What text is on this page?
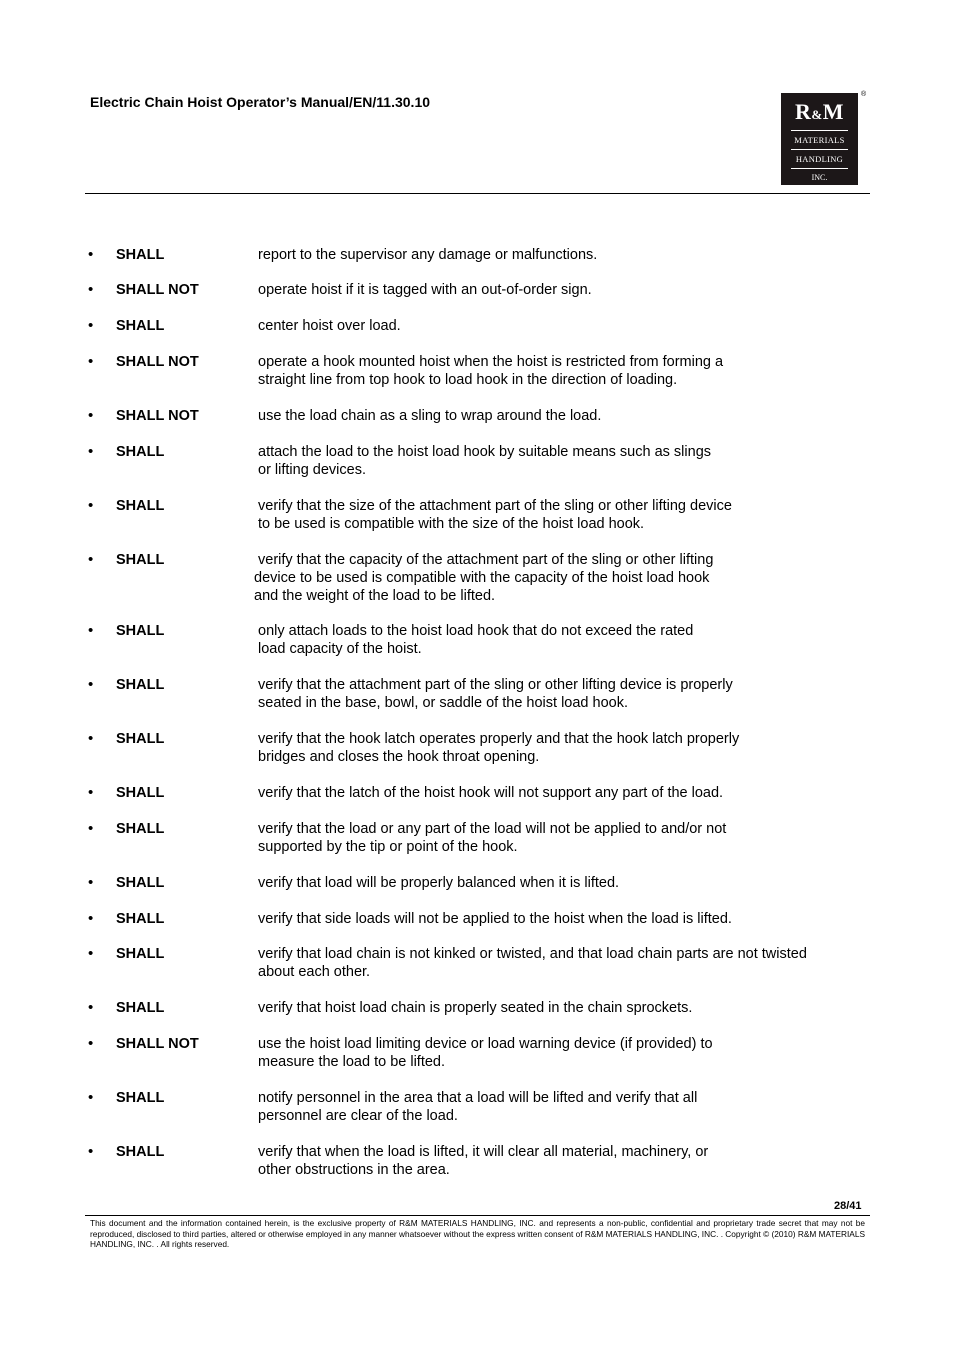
Electric Chain Hoist Operator’s Manual/EN/11.30.10	R&M
MATERIALS
HANDLING
INC.
®
• SHALL	report to the supervisor any damage or malfunctions.
• SHALL NOT	operate hoist if it is tagged with an out-of-order sign.
• SHALL	center hoist over load.
• SHALL NOT	operate a hook mounted hoist when the hoist is restricted from forming a
straight line from top hook to load hook in the direction of loading.
• SHALL NOT	use the load chain as a sling to wrap around the load.
• SHALL	attach the load to the hoist load hook by suitable means such as slings
or lifting devices.
• SHALL	verify that the size of the attachment part of the sling or other lifting device
to be used is compatible with the size of the hoist load hook.
• SHALL	verify that the capacity of the attachment part of the sling or other lifting
device to be used is compatible with the capacity of the hoist load hook
and the weight of the load to be lifted.
• SHALL	only attach loads to the hoist load hook that do not exceed the rated
load capacity of the hoist.
• SHALL	verify that the attachment part of the sling or other lifting device is properly
seated in the base, bowl, or saddle of the hoist load hook.
• SHALL	verify that the hook latch operates properly and that the hook latch properly
bridges and closes the hook throat opening.
• SHALL	verify that the latch of the hoist hook will not support any part of the load.
• SHALL	verify that the load or any part of the load will not be applied to and/or not
supported by the tip or point of the hook.
• SHALL	verify that load will be properly balanced when it is lifted.
• SHALL	verify that side loads will not be applied to the hoist when the load is lifted.
• SHALL	verify that load chain is not kinked or twisted, and that load chain parts are not twisted
about each other.
• SHALL	verify that hoist load chain is properly seated in the chain sprockets.
• SHALL NOT	use the hoist load limiting device or load warning device (if provided) to
measure the load to be lifted.
• SHALL	notify personnel in the area that a load will be lifted and verify that all
personnel are clear of the load.
• SHALL	verify that when the load is lifted, it will clear all material, machinery, or
other obstructions in the area.
28/41
This document and the information contained herein, is the exclusive property of R&M MATERIALS HANDLING, INC. and represents a non-public, confidential and proprietary trade secret that may not be reproduced, disclosed to third parties, altered or otherwise employed in any manner whatsoever without the express written consent of R&M MATERIALS HANDLING, INC. . Copyright © (2010) R&M MATERIALS HANDLING, INC. . All rights reserved.
